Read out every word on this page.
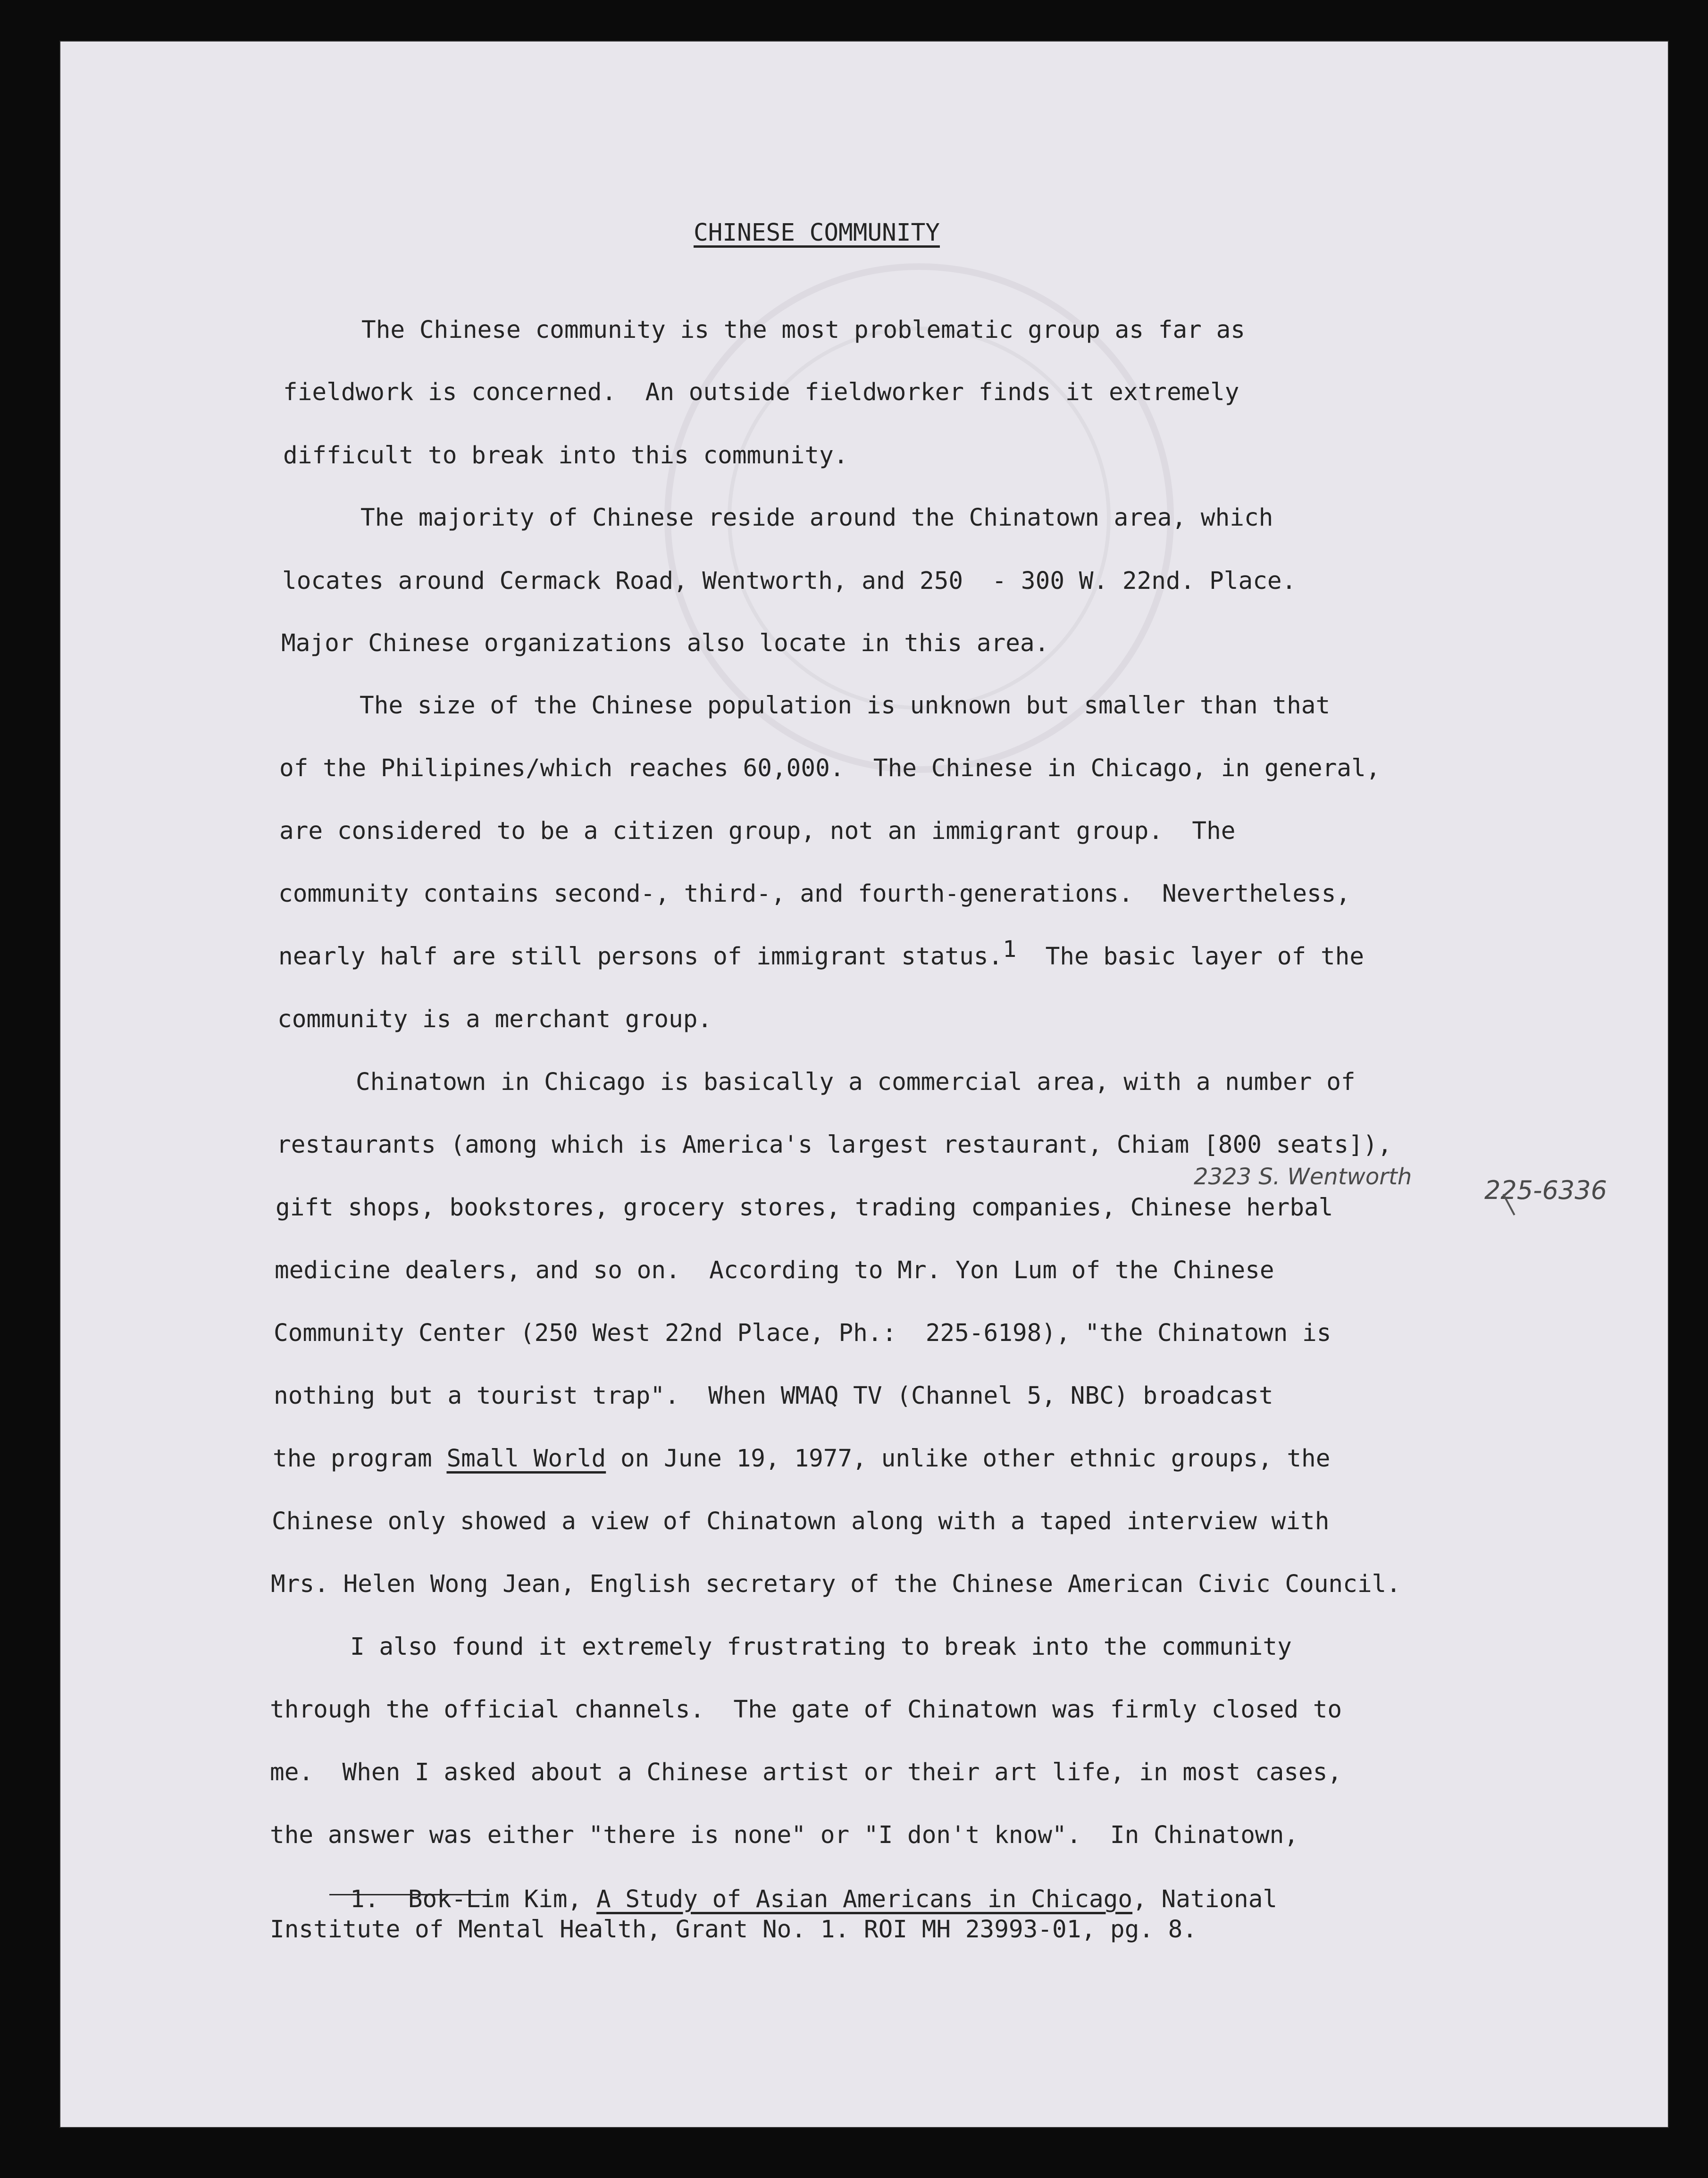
CHINESE COMMUNITY
The Chinese community is the most problematic group as far as
fieldwork is concerned.  An outside fieldworker finds it extremely
difficult to break into this community.
The majority of Chinese reside around the Chinatown area, which
locates around Cermack Road, Wentworth, and 250  - 300 W. 22nd. Place.
Major Chinese organizations also locate in this area.
The size of the Chinese population is unknown but smaller than that
of the Philipines/which reaches 60,000.  The Chinese in Chicago, in general,
are considered to be a citizen group, not an immigrant group.  The
community contains second-, third-, and fourth-generations.  Nevertheless,
nearly half are still persons of immigrant status.1 The basic layer of the
community is a merchant group.
Chinatown in Chicago is basically a commercial area, with a number of
restaurants (among which is America's largest restaurant, Chiam [800 seats]),
2323 S. Wentworth	225-6336
gift shops, bookstores, grocery stores, trading companies, Chinese herbal
medicine dealers, and so on.  According to Mr. Yon Lum of the Chinese
Community Center (250 West 22nd Place, Ph.:  225-6198), "the Chinatown is
nothing but a tourist trap".  When WMAQ TV (Channel 5, NBC) broadcast
the program Small World on June 19, 1977, unlike other ethnic groups, the
Chinese only showed a view of Chinatown along with a taped interview with
Mrs. Helen Wong Jean, English secretary of the Chinese American Civic Council.
I also found it extremely frustrating to break into the community
through the official channels.  The gate of Chinatown was firmly closed to
me.  When I asked about a Chinese artist or their art life, in most cases,
the answer was either "there is none" or "I don't know".  In Chinatown,
1. Bok-Lim Kim, A Study of Asian Americans in Chicago, National
Institute of Mental Health, Grant No. 1. ROI MH 23993-01, pg. 8.
